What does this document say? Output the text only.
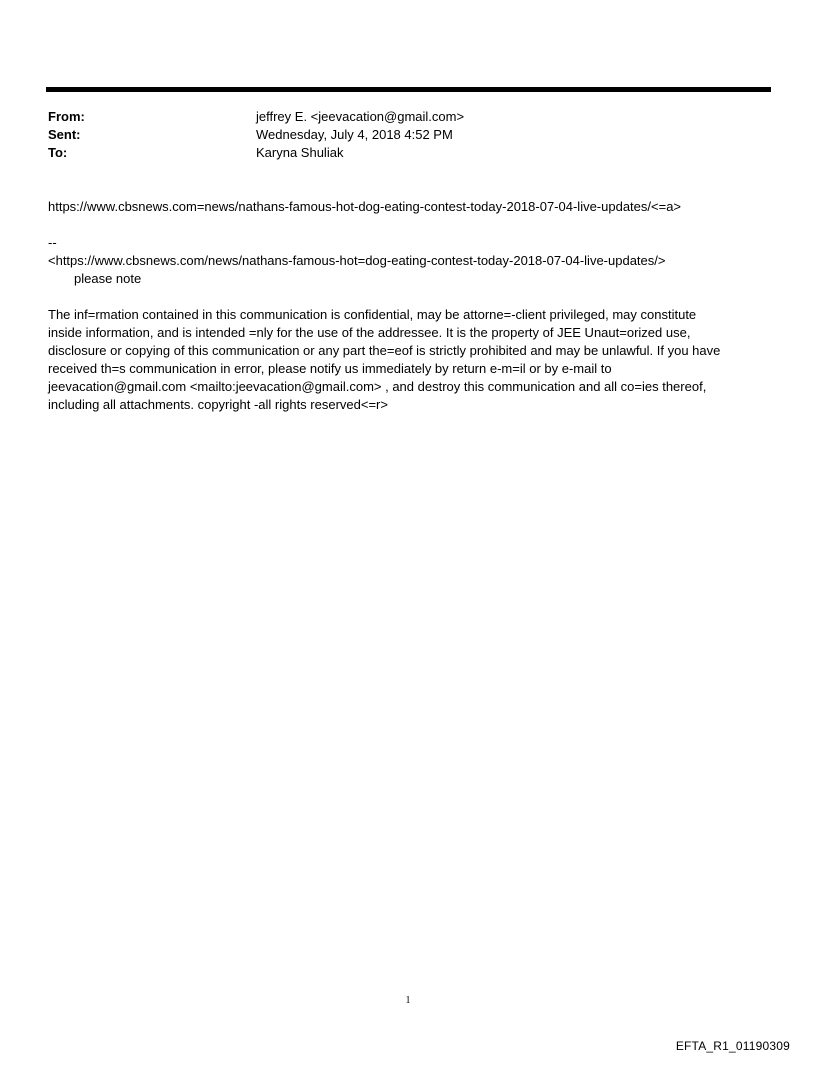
From:	jeffrey E. <jeevacation@gmail.com>
Sent:	Wednesday, July 4, 2018 4:52 PM
To:	Karyna Shuliak
https://www.cbsnews.com=news/nathans-famous-hot-dog-eating-contest-today-2018-07-04-live-updates/<=a>
--
<https://www.cbsnews.com/news/nathans-famous-hot=dog-eating-contest-today-2018-07-04-live-updates/>
please note
The inf=rmation contained in this communication is confidential, may be attorne=-client privileged, may constitute
inside information, and is intended =nly for the use of the addressee. It is the property of JEE Unaut=orized use,
disclosure or copying of this communication or any part the=eof is strictly prohibited and may be unlawful. If you have
received th=s communication in error, please notify us immediately by return e-m=il or by e-mail to
jeevacation@gmail.com <mailto:jeevacation@gmail.com> , and destroy this communication and all co=ies thereof,
including all attachments. copyright -all rights reserved<=r>
1
EFTA_R1_01190309
